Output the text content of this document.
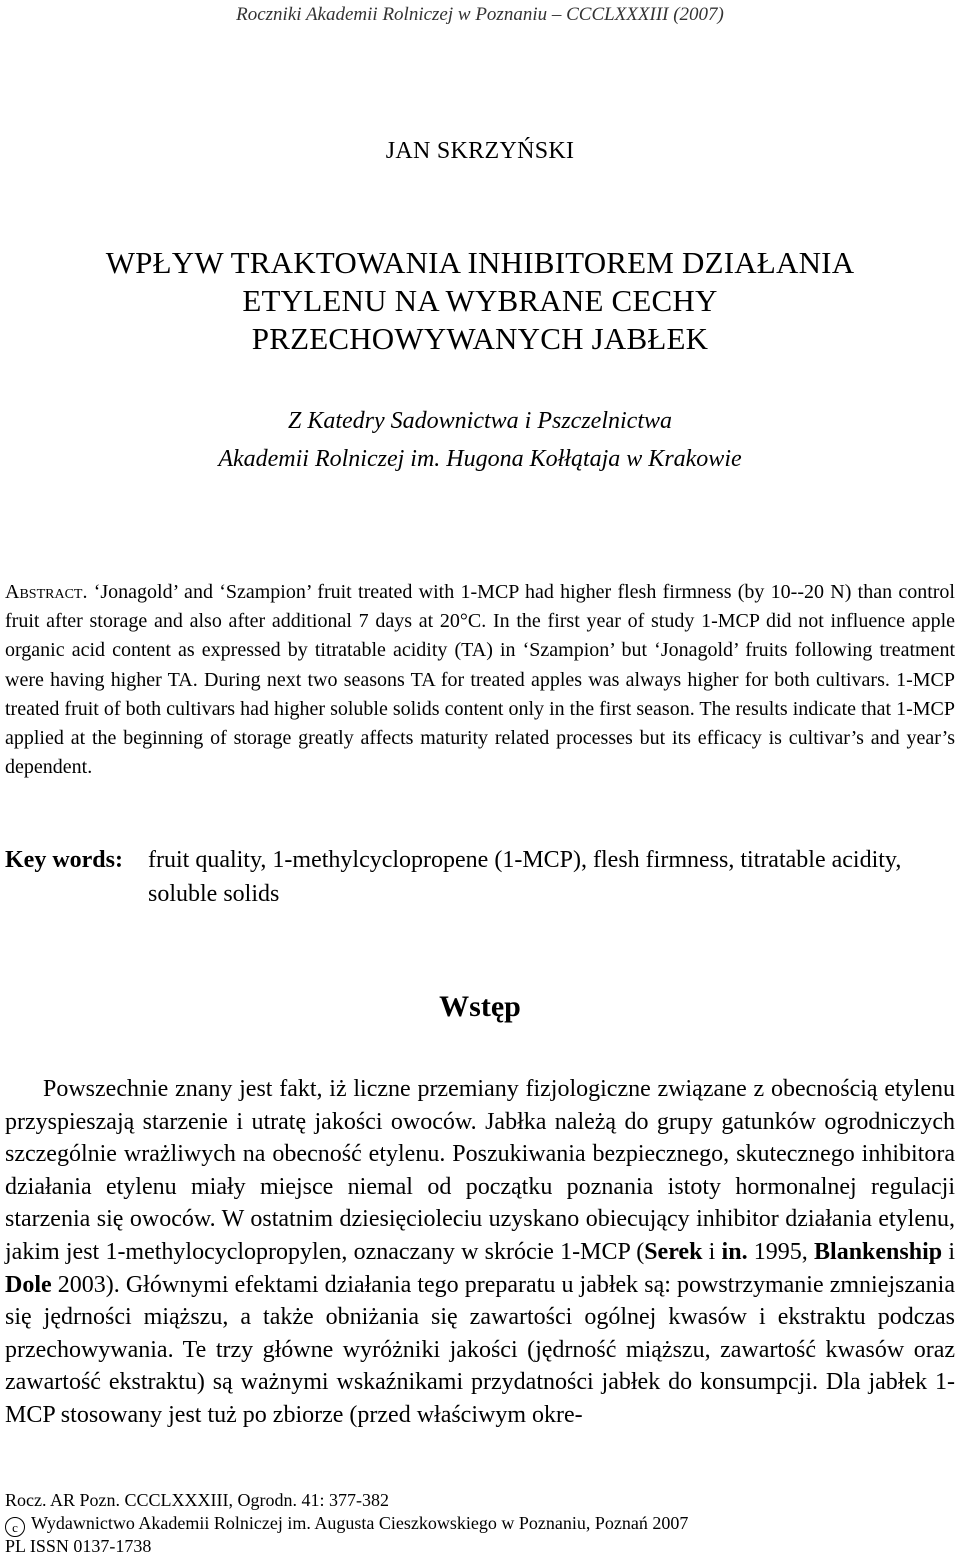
Roczniki Akademii Rolniczej w Poznaniu – CCCLXXXIII (2007)
JAN SKRZYŃSKI
WPŁYW TRAKTOWANIA INHIBITOREM DZIAŁANIA
ETYLENU NA WYBRANE CECHY
PRZECHOWYWANYCH JABŁEK
Z Katedry Sadownictwa i Pszczelnictwa
Akademii Rolniczej im. Hugona Kołłątaja w Krakowie
Abstract. ‘Jonagold’ and ‘Szampion’ fruit treated with 1-MCP had higher flesh firmness (by 10--20 N) than control fruit after storage and also after additional 7 days at 20°C. In the first year of study 1-MCP did not influence apple organic acid content as expressed by titratable acidity (TA) in ‘Szampion’ but ‘Jonagold’ fruits following treatment were having higher TA. During next two seasons TA for treated apples was always higher for both cultivars. 1-MCP treated fruit of both cultivars had higher soluble solids content only in the first season. The results indicate that 1-MCP applied at the beginning of storage greatly affects maturity related processes but its efficacy is cultivar’s and year’s dependent.
Key words: fruit quality, 1-methylcyclopropene (1-MCP), flesh firmness, titratable acidity, soluble solids
Wstęp
Powszechnie znany jest fakt, iż liczne przemiany fizjologiczne związane z obecnością etylenu przyspieszają starzenie i utratę jakości owoców. Jabłka należą do grupy gatunków ogrodniczych szczególnie wrażliwych na obecność etylenu. Poszukiwania bezpiecznego, skutecznego inhibitora działania etylenu miały miejsce niemal od początku poznania istoty hormonalnej regulacji starzenia się owoców. W ostatnim dziesięcioleciu uzyskano obiecujący inhibitor działania etylenu, jakim jest 1-methylocyclopropylen, oznaczany w skrócie 1-MCP (Serek i in. 1995, Blankenship i Dole 2003). Głównymi efektami działania tego preparatu u jabłek są: powstrzymanie zmniejszania się jędrności miąższu, a także obniżania się zawartości ogólnej kwasów i ekstraktu podczas przechowywania. Te trzy główne wyróżniki jakości (jędrność miąższu, zawartość kwasów oraz zawartość ekstraktu) są ważnymi wskaźnikami przydatności jabłek do konsumpcji. Dla jabłek 1-MCP stosowany jest tuż po zbiorze (przed właściwym okre-
Rocz. AR Pozn. CCCLXXXIII, Ogrodn. 41: 377-382
c Wydawnictwo Akademii Rolniczej im. Augusta Cieszkowskiego w Poznaniu, Poznań 2007
PL ISSN 0137-1738
